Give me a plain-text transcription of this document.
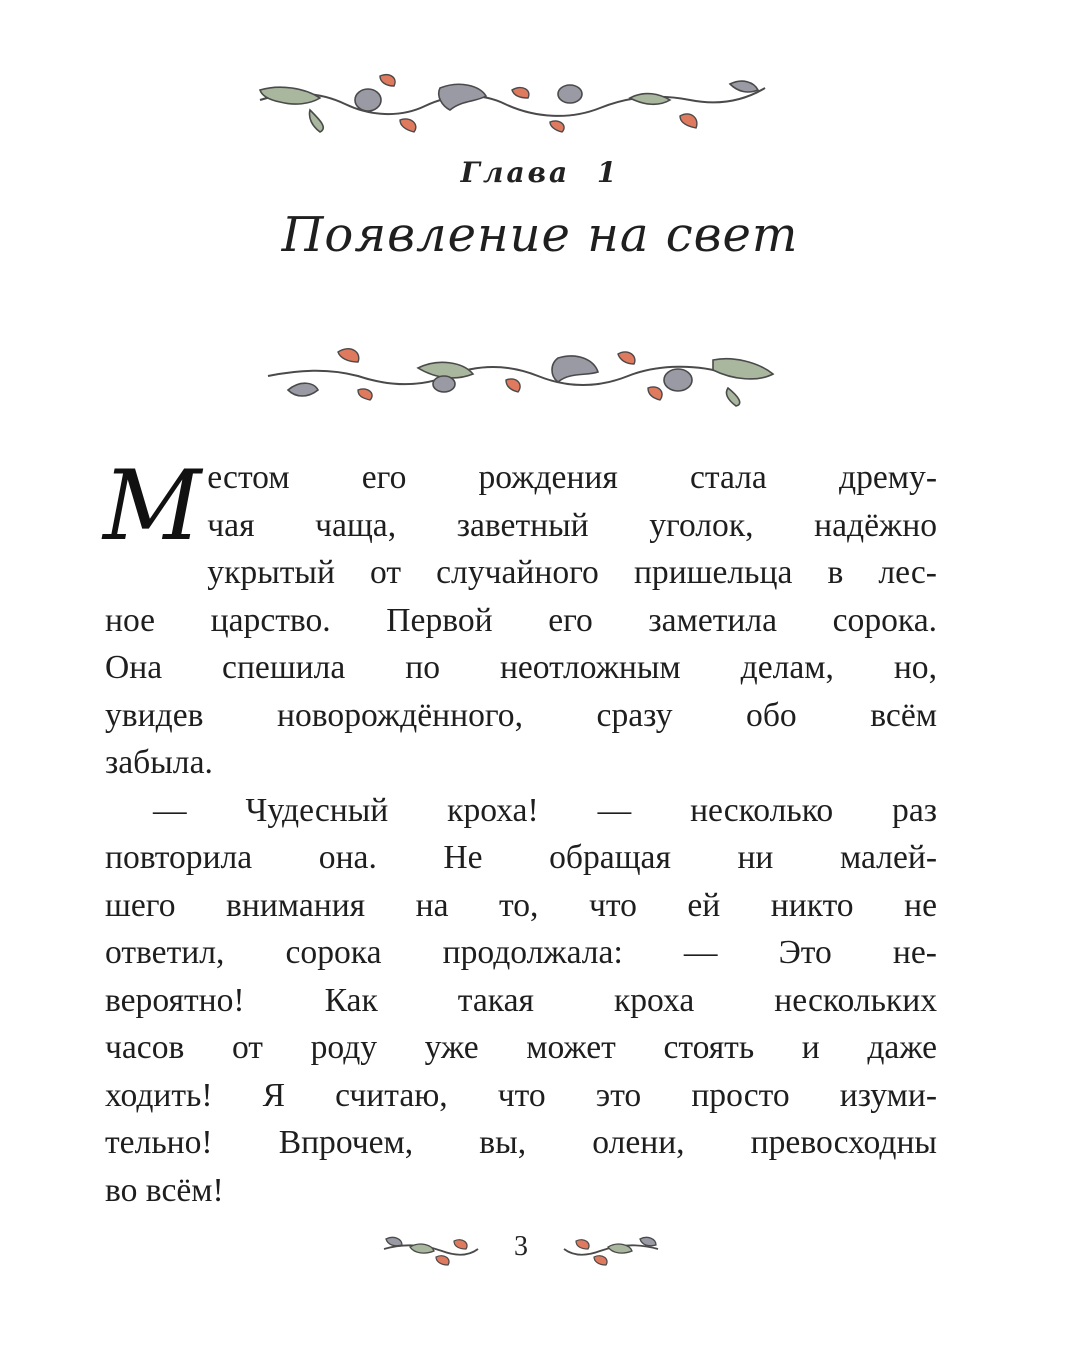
Глава 1
Появление на свет

М естом его рождения стала дрему-
чая чаща, заветный уголок, надёжно
укрытый от случайного пришельца в лес-
ное царство. Первой его заметила сорока.
Она спешила по неотложным делам, но,
увидев новорождённого, сразу обо всём
забыла.

— Чудесный кроха! — несколько раз
повторила она. Не обращая ни малей-
шего внимания на то, что ей никто не
ответил, сорока продолжала: — Это не-
вероятно! Как такая кроха нескольких
часов от роду уже может стоять и даже
ходить! Я считаю, что это просто изуми-
тельно! Впрочем, вы, олени, превосходны
во всём!

3
